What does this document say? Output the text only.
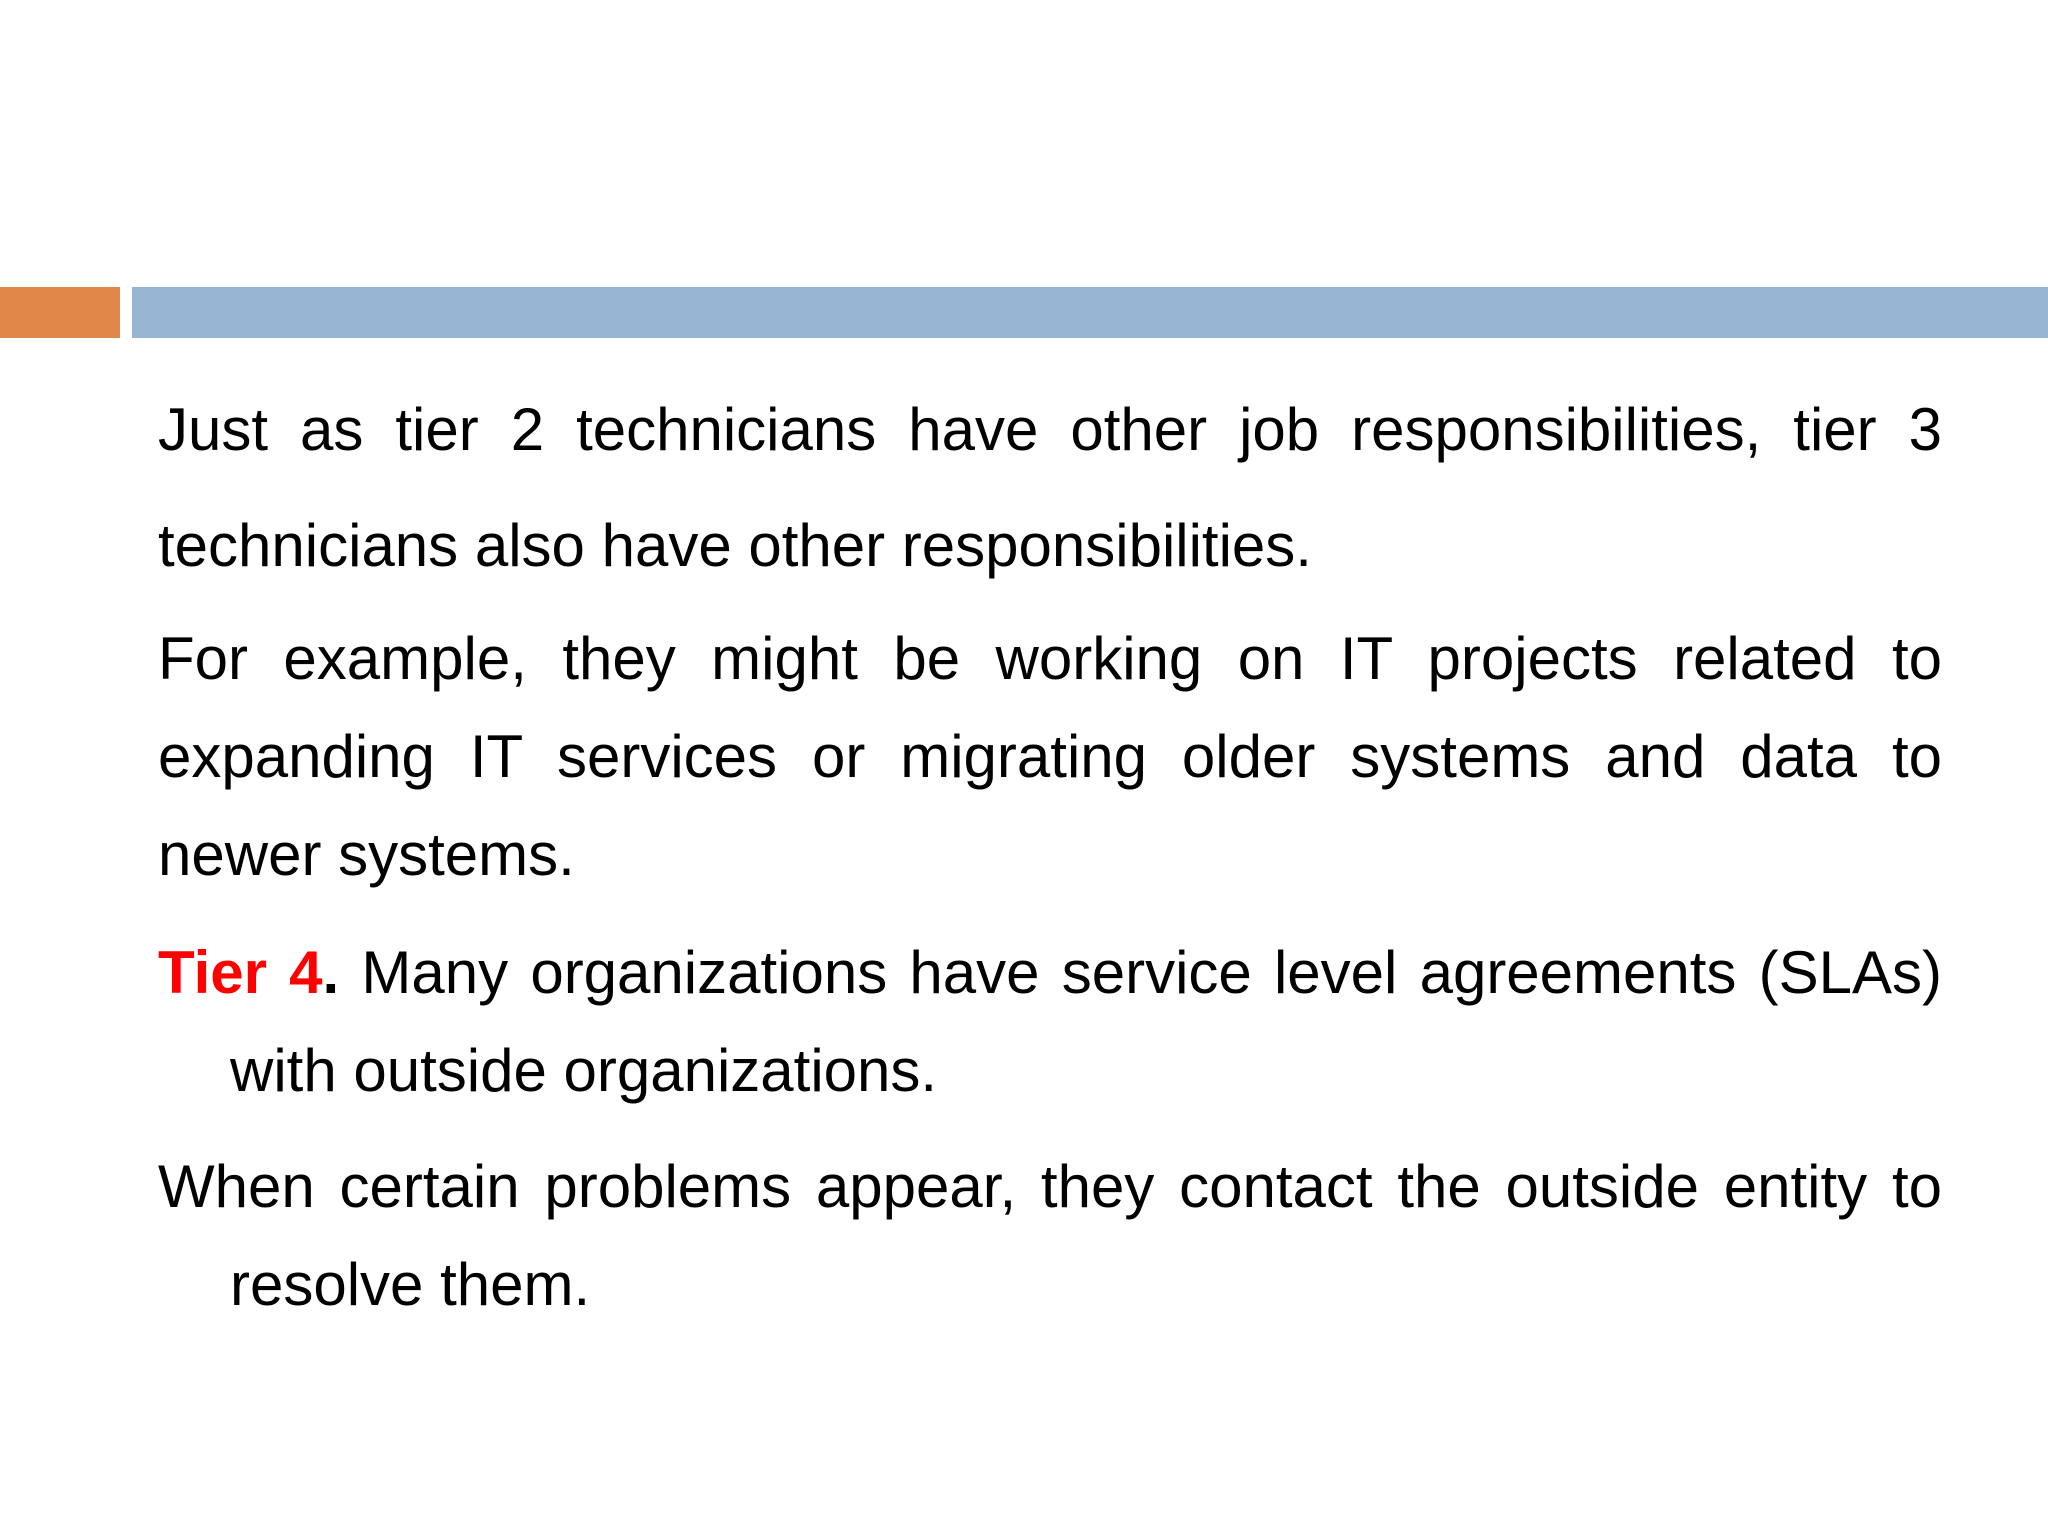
Just as tier 2 technicians have other job responsibilities, tier 3 technicians also have other responsibilities.

For example, they might be working on IT projects related to expanding IT services or migrating older systems and data to newer systems.

Tier 4. Many organizations have service level agreements (SLAs) with outside organizations.

When certain problems appear, they contact the outside entity to resolve them.
